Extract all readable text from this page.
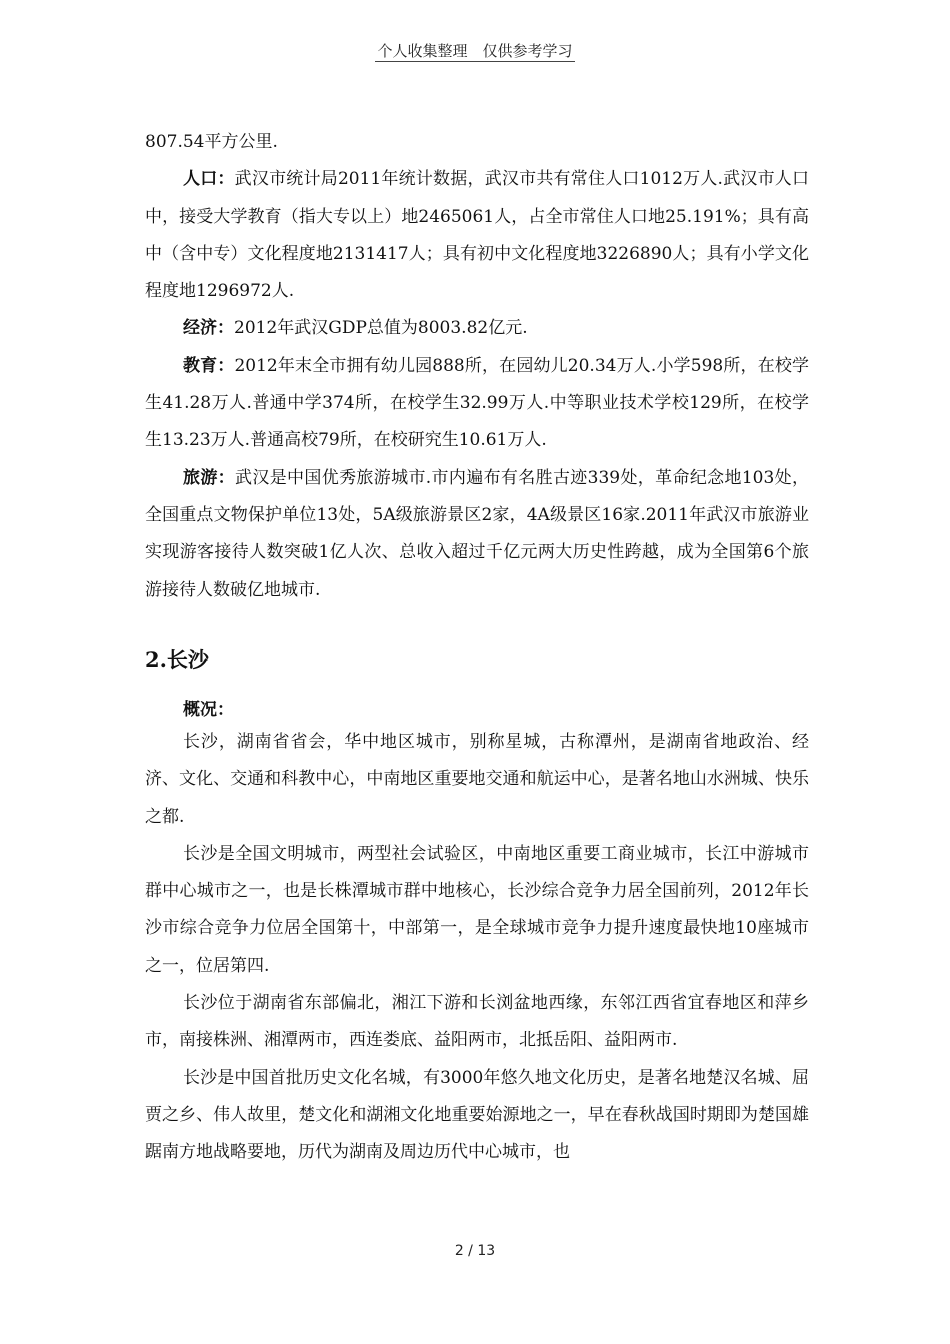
个人收集整理　仅供参考学习

807.54平方公里.

人口：武汉市统计局2011年统计数据，武汉市共有常住人口1012万人.武汉市人口中，接受大学教育（指大专以上）地2465061人，占全市常住人口地25.191%；具有高中（含中专）文化程度地2131417人；具有初中文化程度地3226890人；具有小学文化程度地1296972人.

经济：2012年武汉GDP总值为8003.82亿元.

教育：2012年末全市拥有幼儿园888所，在园幼儿20.34万人.小学598所，在校学生41.28万人.普通中学374所，在校学生32.99万人.中等职业技术学校129所，在校学生13.23万人.普通高校79所，在校研究生10.61万人.

旅游：武汉是中国优秀旅游城市.市内遍布有名胜古迹339处，革命纪念地103处，全国重点文物保护单位13处，5A级旅游景区2家，4A级景区16家.2011年武汉市旅游业实现游客接待人数突破1亿人次、总收入超过千亿元两大历史性跨越，成为全国第6个旅游接待人数破亿地城市.

2.长沙

概况：

长沙，湖南省省会，华中地区城市，别称星城，古称潭州，是湖南省地政治、经济、文化、交通和科教中心，中南地区重要地交通和航运中心，是著名地山水洲城、快乐之都.

长沙是全国文明城市，两型社会试验区，中南地区重要工商业城市，长江中游城市群中心城市之一，也是长株潭城市群中地核心，长沙综合竞争力居全国前列，2012年长沙市综合竞争力位居全国第十，中部第一，是全球城市竞争力提升速度最快地10座城市之一，位居第四.

长沙位于湖南省东部偏北，湘江下游和长浏盆地西缘，东邻江西省宜春地区和萍乡市，南接株洲、湘潭两市，西连娄底、益阳两市，北抵岳阳、益阳两市.

长沙是中国首批历史文化名城，有3000年悠久地文化历史，是著名地楚汉名城、屈贾之乡、伟人故里，楚文化和湖湘文化地重要始源地之一，早在春秋战国时期即为楚国雄踞南方地战略要地，历代为湖南及周边历代中心城市，也

2 / 13
